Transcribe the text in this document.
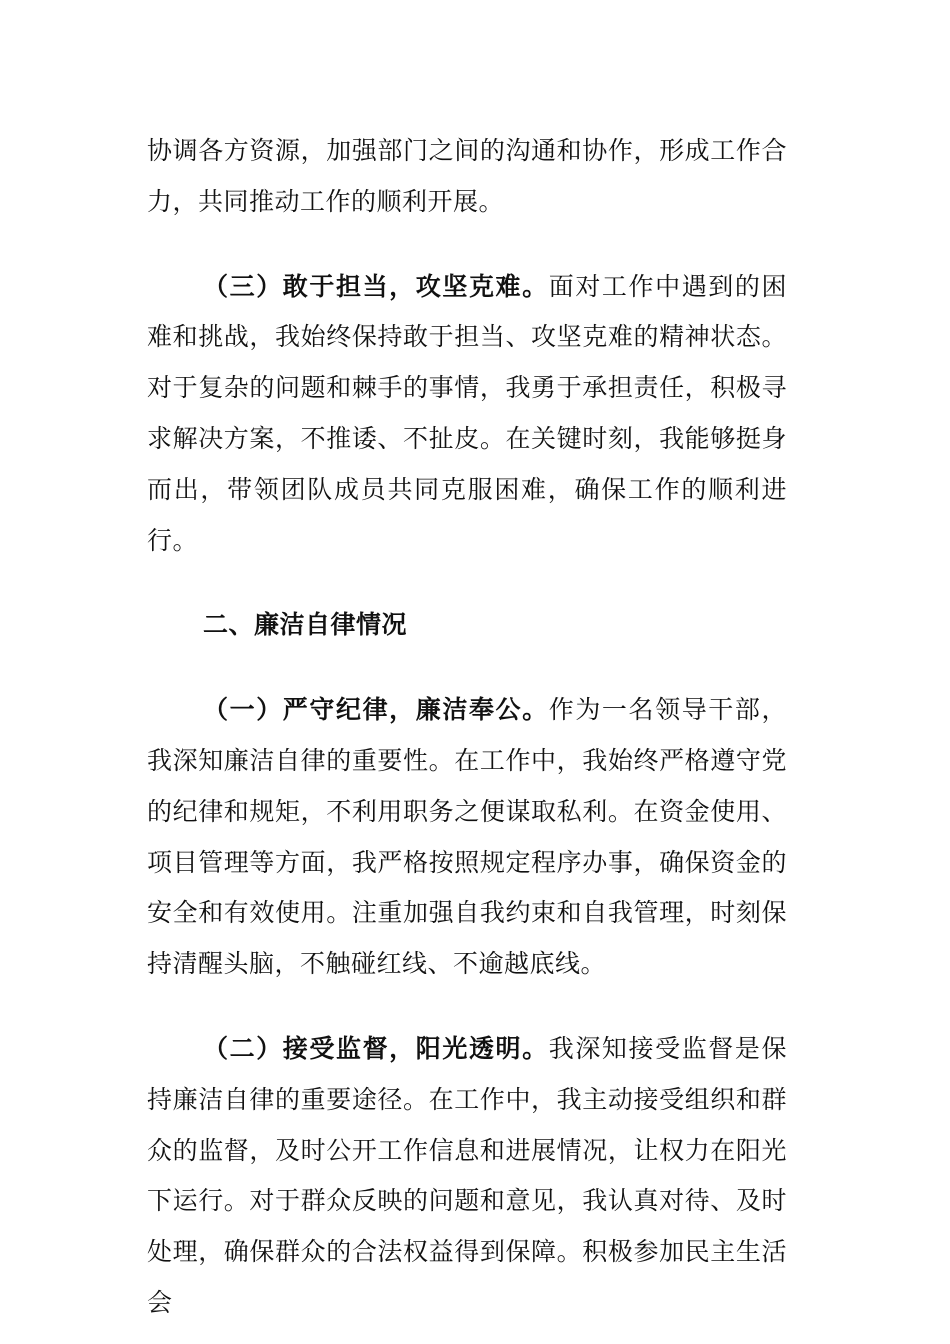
协调各方资源，加强部门之间的沟通和协作，形成工作合力，共同推动工作的顺利开展。

（三）敢于担当，攻坚克难。面对工作中遇到的困难和挑战，我始终保持敢于担当、攻坚克难的精神状态。对于复杂的问题和棘手的事情，我勇于承担责任，积极寻求解决方案，不推诿、不扯皮。在关键时刻，我能够挺身而出，带领团队成员共同克服困难，确保工作的顺利进行。

二、廉洁自律情况

（一）严守纪律，廉洁奉公。作为一名领导干部，我深知廉洁自律的重要性。在工作中，我始终严格遵守党的纪律和规矩，不利用职务之便谋取私利。在资金使用、项目管理等方面，我严格按照规定程序办事，确保资金的安全和有效使用。注重加强自我约束和自我管理，时刻保持清醒头脑，不触碰红线、不逾越底线。

（二）接受监督，阳光透明。我深知接受监督是保持廉洁自律的重要途径。在工作中，我主动接受组织和群众的监督，及时公开工作信息和进展情况，让权力在阳光下运行。对于群众反映的问题和意见，我认真对待、及时处理，确保群众的合法权益得到保障。积极参加民主生活会
